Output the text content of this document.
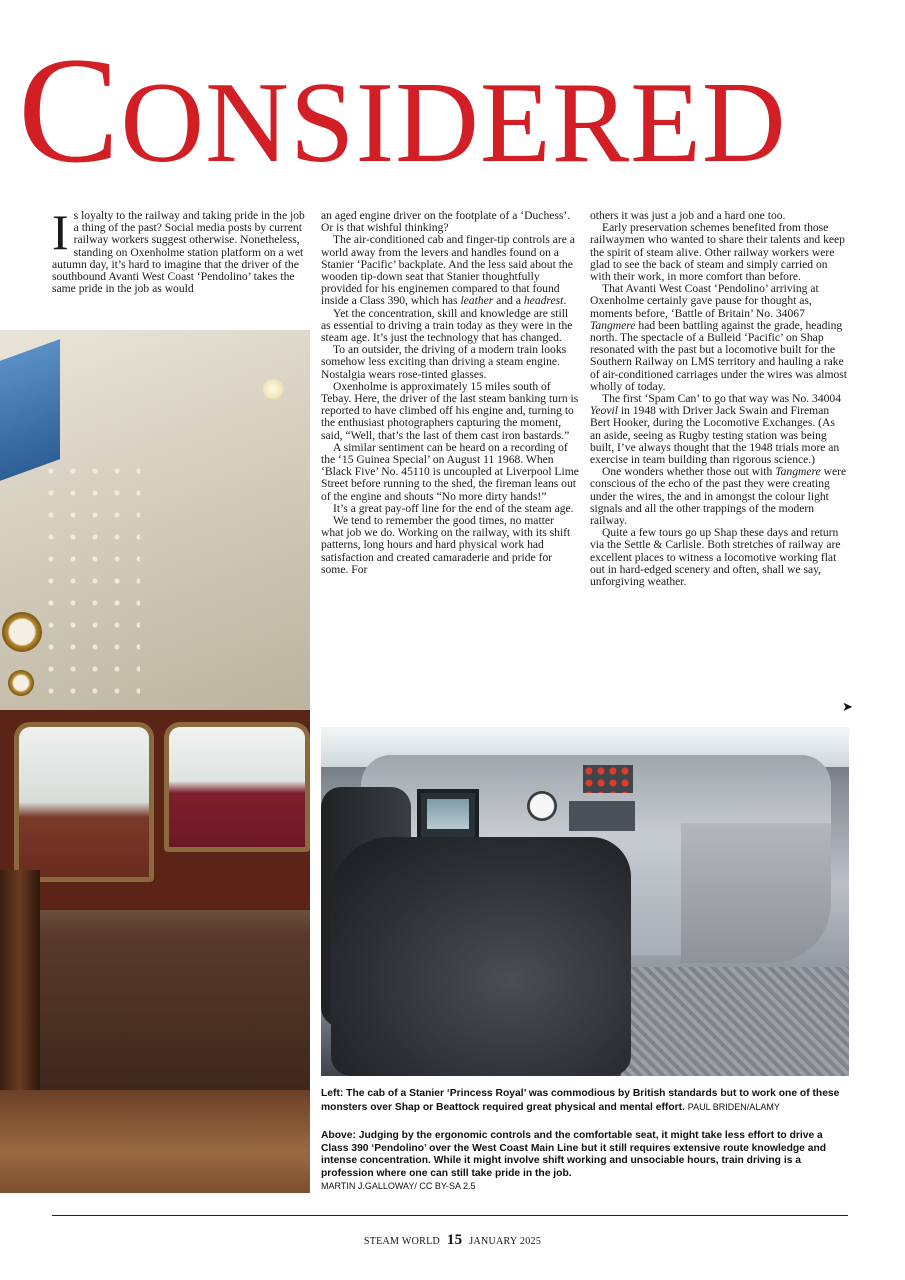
CONSIDERED

Is loyalty to the railway and taking pride in the job a thing of the past? Social media posts by current railway workers suggest otherwise. Nonetheless, standing on Oxenholme station platform on a wet autumn day, it’s hard to imagine that the driver of the southbound Avanti West Coast ‘Pendolino’ takes the same pride in the job as would

an aged engine driver on the footplate of a ‘Duchess’. Or is that wishful thinking?

The air-conditioned cab and finger-tip controls are a world away from the levers and handles found on a Stanier ‘Pacific’ backplate. And the less said about the wooden tip-down seat that Stanier thoughtfully provided for his enginemen compared to that found inside a Class 390, which has leather and a headrest.

Yet the concentration, skill and knowledge are still as essential to driving a train today as they were in the steam age. It’s just the technology that has changed.

To an outsider, the driving of a modern train looks somehow less exciting than driving a steam engine. Nostalgia wears rose-tinted glasses.

Oxenholme is approximately 15 miles south of Tebay. Here, the driver of the last steam banking turn is reported to have climbed off his engine and, turning to the enthusiast photographers capturing the moment, said, “Well, that’s the last of them cast iron bastards.”

A similar sentiment can be heard on a recording of the ‘15 Guinea Special’ on August 11 1968. When ‘Black Five’ No. 45110 is uncoupled at Liverpool Lime Street before running to the shed, the fireman leans out of the engine and shouts “No more dirty hands!”

It’s a great pay-off line for the end of the steam age.

We tend to remember the good times, no matter what job we do. Working on the railway, with its shift patterns, long hours and hard physical work had satisfaction and created camaraderie and pride for some. For

others it was just a job and a hard one too.

Early preservation schemes benefited from those railwaymen who wanted to share their talents and keep the spirit of steam alive. Other railway workers were glad to see the back of steam and simply carried on with their work, in more comfort than before.

That Avanti West Coast ‘Pendolino’ arriving at Oxenholme certainly gave pause for thought as, moments before, ‘Battle of Britain’ No. 34067 Tangmere had been battling against the grade, heading north. The spectacle of a Bulleid ‘Pacific’ on Shap resonated with the past but a locomotive built for the Southern Railway on LMS territory and hauling a rake of air-conditioned carriages under the wires was almost wholly of today.

The first ‘Spam Can’ to go that way was No. 34004 Yeovil in 1948 with Driver Jack Swain and Fireman Bert Hooker, during the Locomotive Exchanges. (As an aside, seeing as Rugby testing station was being built, I’ve always thought that the 1948 trials more an exercise in team building than rigorous science.)

One wonders whether those out with Tangmere were conscious of the echo of the past they were creating under the wires, the and in amongst the colour light signals and all the other trappings of the modern railway.

Quite a few tours go up Shap these days and return via the Settle & Carlisle. Both stretches of railway are excellent places to witness a locomotive working flat out in hard-edged scenery and often, shall we say, unforgiving weather.

➤
Left: The cab of a Stanier ‘Princess Royal’ was commodious by British standards but to work one of these monsters over Shap or Beattock required great physical and mental effort. PAUL BRIDEN/ALAMY
Above: Judging by the ergonomic controls and the comfortable seat, it might take less effort to drive a Class 390 ‘Pendolino’ over the West Coast Main Line but it still requires extensive route knowledge and intense concentration. While it might involve shift working and unsociable hours, train driving is a profession where one can still take pride in the job.
MARTIN J.GALLOWAY/ CC BY-SA 2.5
STEAM WORLD 15 JANUARY 2025
